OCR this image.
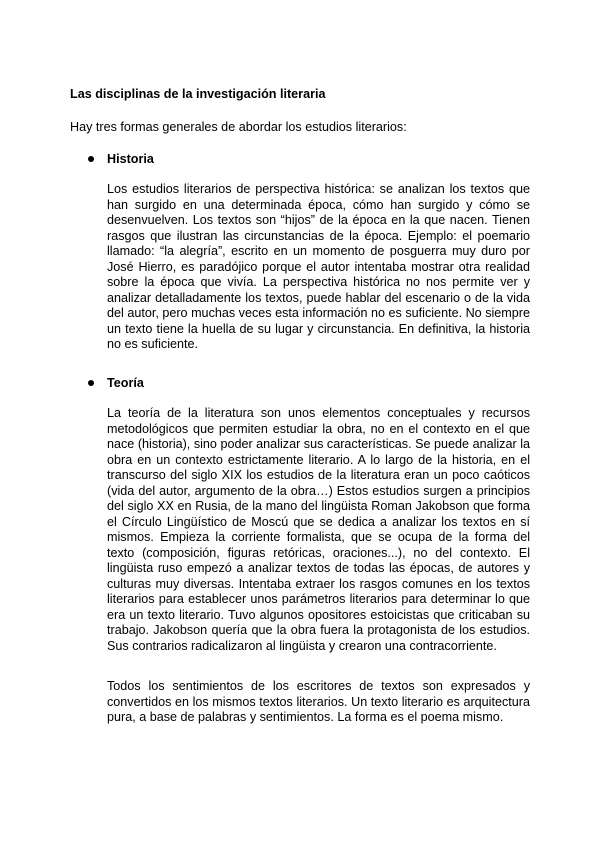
Las disciplinas de la investigación literaria

Hay tres formas generales de abordar los estudios literarios:

Historia

Los estudios literarios de perspectiva histórica: se analizan los textos que han surgido en una determinada época, cómo han surgido y cómo se desenvuelven. Los textos son “hijos” de la época en la que nacen. Tienen rasgos que ilustran las circunstancias de la época. Ejemplo: el poemario llamado: “la alegría”, escrito en un momento de posguerra muy duro por José Hierro, es paradójico porque el autor intentaba mostrar otra realidad sobre la época que vivía. La perspectiva histórica no nos permite ver y analizar detalladamente los textos, puede hablar del escenario o de la vida del autor, pero muchas veces esta información no es suficiente. No siempre un texto tiene la huella de su lugar y circunstancia. En definitiva, la historia no es suficiente.

Teoría

La teoría de la literatura son unos elementos conceptuales y recursos metodológicos que permiten estudiar la obra, no en el contexto en el que nace (historia), sino poder analizar sus características. Se puede analizar la obra en un contexto estrictamente literario. A lo largo de la historia, en el transcurso del siglo XIX los estudios de la literatura eran un poco caóticos (vida del autor, argumento de la obra…) Estos estudios surgen a principios del siglo XX en Rusia, de la mano del lingüista Roman Jakobson que forma el Círculo Lingüístico de Moscú que se dedica a analizar los textos en sí mismos. Empieza la corriente formalista, que se ocupa de la forma del texto (composición, figuras retóricas, oraciones...), no del contexto. El lingüista ruso empezó a analizar textos de todas las épocas, de autores y culturas muy diversas. Intentaba extraer los rasgos comunes en los textos literarios para establecer unos parámetros literarios para determinar lo que era un texto literario. Tuvo algunos opositores estoicistas que criticaban su trabajo. Jakobson quería que la obra fuera la protagonista de los estudios. Sus contrarios radicalizaron al lingüista y crearon una contracorriente.

Todos los sentimientos de los escritores de textos son expresados y convertidos en los mismos textos literarios. Un texto literario es arquitectura pura, a base de palabras y sentimientos. La forma es el poema mismo.
